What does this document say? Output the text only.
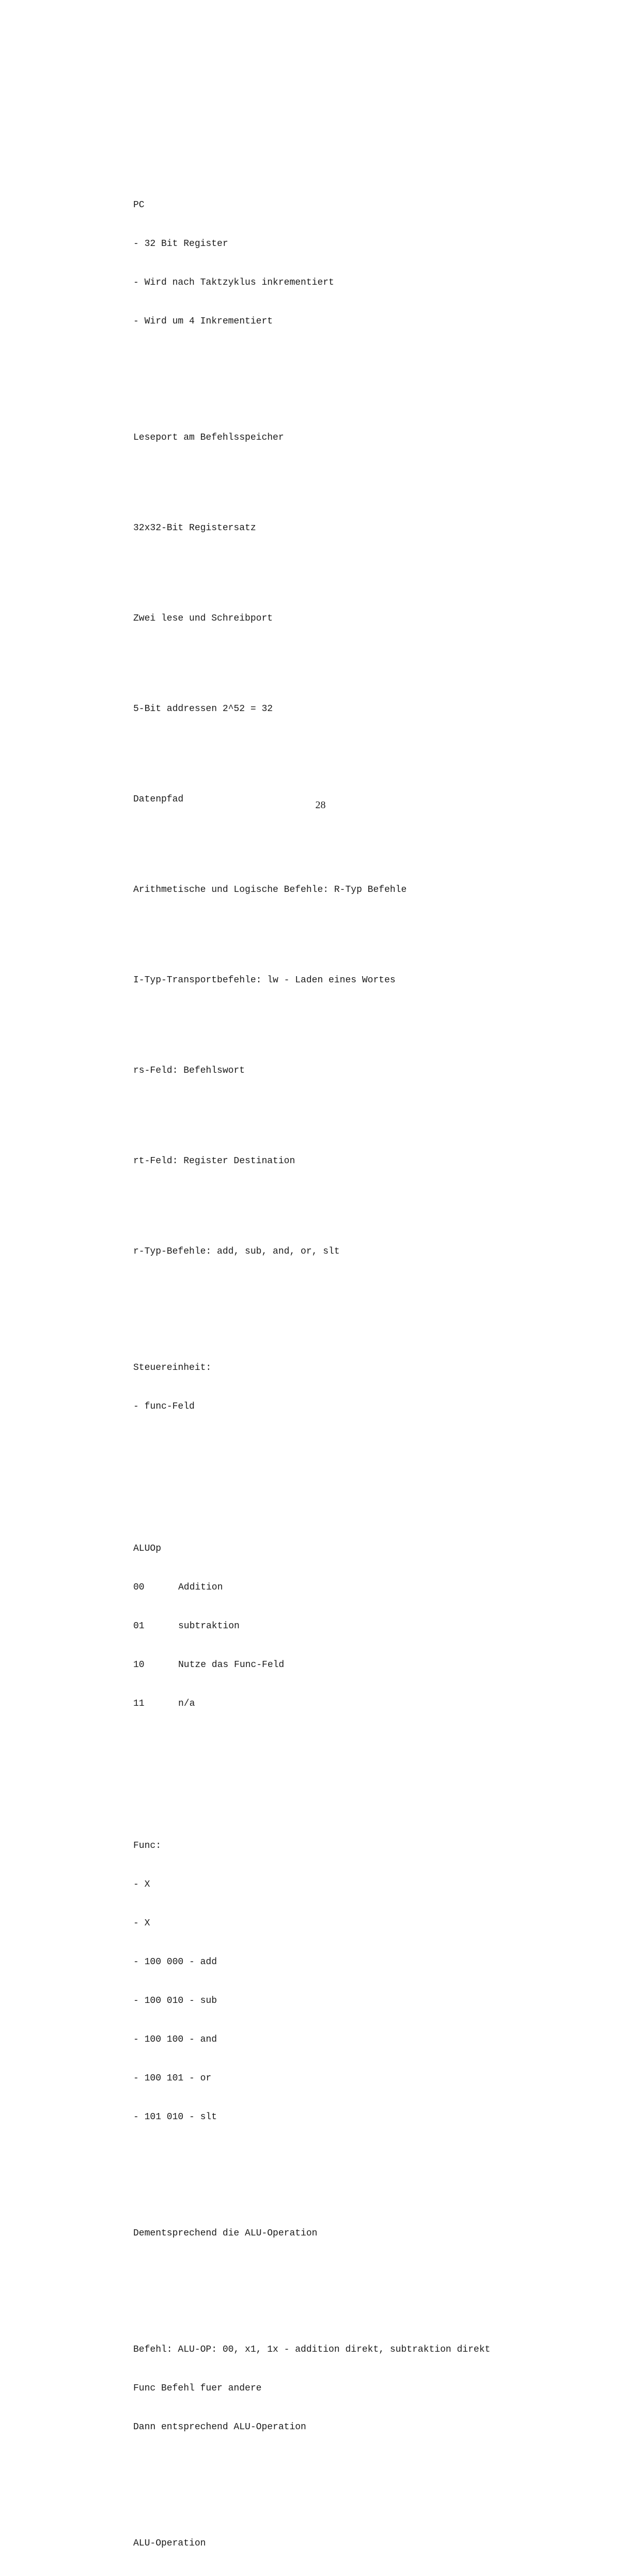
PC

- 32 Bit Register

- Wird nach Taktzyklus inkrementiert

- Wird um 4 Inkrementiert

Leseport am Befehlsspeicher

32x32-Bit Registersatz

Zwei lese und Schreibport

5-Bit addressen 2^52 = 32

Datenpfad

Arithmetische und Logische Befehle: R-Typ Befehle

I-Typ-Transportbefehle: lw - Laden eines Wortes

rs-Feld: Befehlswort

rt-Feld: Register Destination

r-Typ-Befehle: add, sub, and, or, slt

Steuereinheit:

- func-Feld

ALUOp

00	Addition

01	subtraktion

10	Nutze das Func-Feld

11	n/a

Func:

- X

- X

- 100 000 - add

- 100 010 - sub

- 100 100 - and

- 100 101 - or

- 101 010 - slt

Dementsprechend die ALU-Operation

Befehl: ALU-OP: 00, x1, 1x - addition direkt, subtraktion direkt

Func Befehl fuer andere

Dann entsprechend ALU-Operation

ALU-Operation

28
